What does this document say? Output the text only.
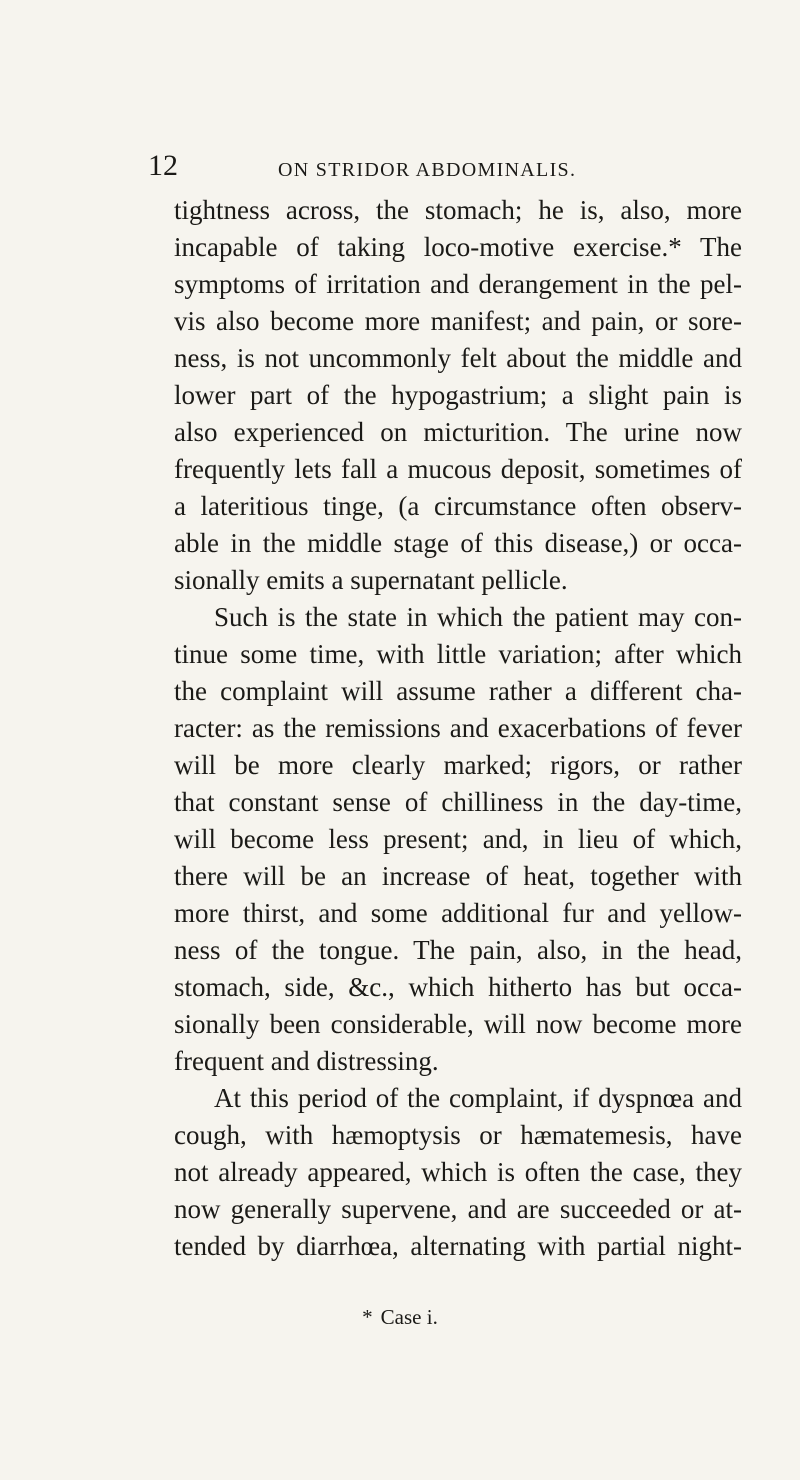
12	ON STRIDOR ABDOMINALIS.
tightness across, the stomach; he is, also, more
incapable of taking loco-motive exercise.* The
symptoms of irritation and derangement in the pel-
vis also become more manifest; and pain, or sore-
ness, is not uncommonly felt about the middle and
lower part of the hypogastrium; a slight pain is
also experienced on micturition. The urine now
frequently lets fall a mucous deposit, sometimes of
a lateritious tinge, (a circumstance often observ-
able in the middle stage of this disease,) or occa-
sionally emits a supernatant pellicle.
Such is the state in which the patient may con-
tinue some time, with little variation; after which
the complaint will assume rather a different cha-
racter: as the remissions and exacerbations of fever
will be more clearly marked; rigors, or rather
that constant sense of chilliness in the day-time,
will become less present; and, in lieu of which,
there will be an increase of heat, together with
more thirst, and some additional fur and yellow-
ness of the tongue. The pain, also, in the head,
stomach, side, &c., which hitherto has but occa-
sionally been considerable, will now become more
frequent and distressing.
At this period of the complaint, if dyspnœa and
cough, with hæmoptysis or hæmatemesis, have
not already appeared, which is often the case, they
now generally supervene, and are succeeded or at-
tended by diarrhœa, alternating with partial night-
* Case i.
